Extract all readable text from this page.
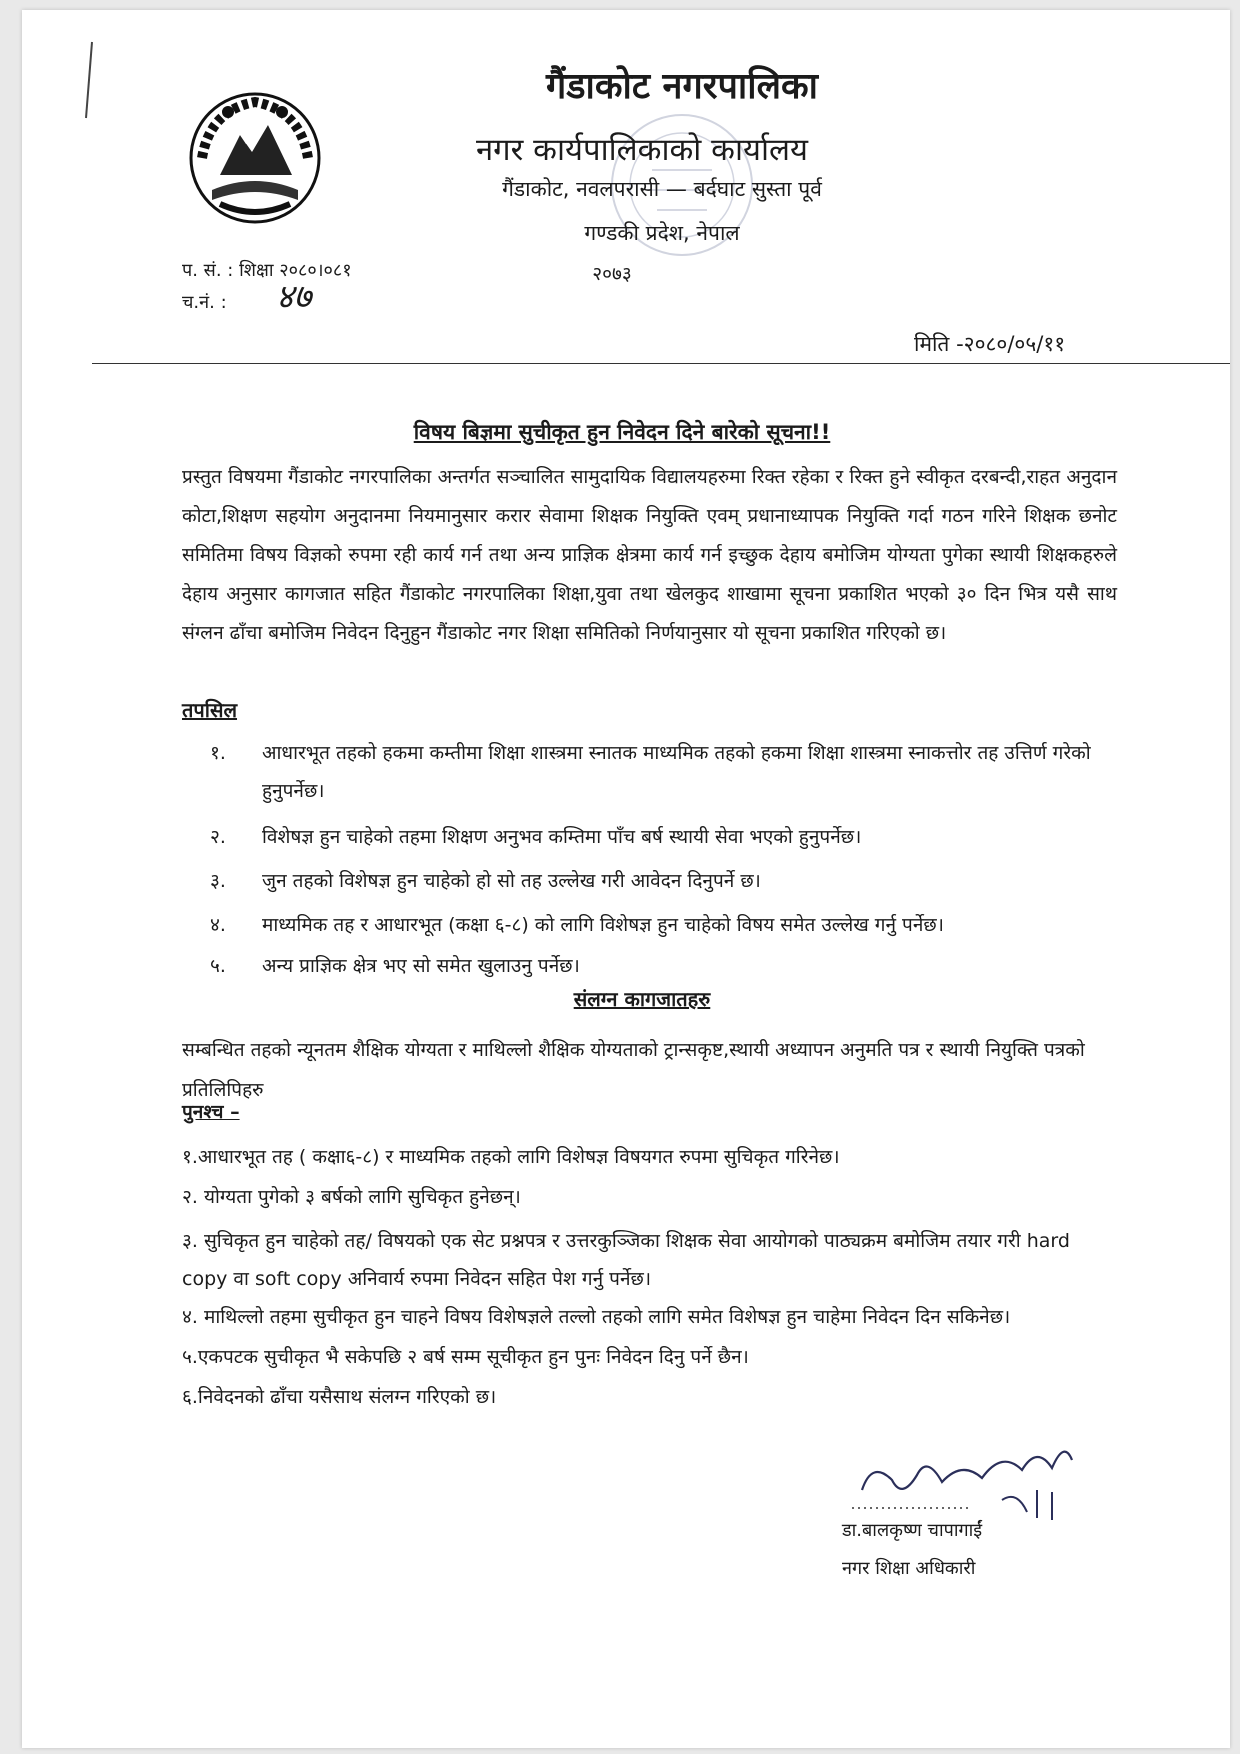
गैंडाकोट नगरपालिका
नगर कार्यपालिकाको कार्यालय
गैंडाकोट, नवलपरासी — बर्दघाट सुस्ता पूर्व
गण्डकी प्रदेश, नेपाल
२०७३
प. सं. : शिक्षा २०८०।०८१
च.नं. : ४७
मिति -२०८०/०५/११
विषय बिज्ञमा सुचीकृत हुन निवेदन दिने बारेको सूचना!!
प्रस्तुत विषयमा गैंडाकोट नगरपालिका अन्तर्गत सञ्चालित सामुदायिक विद्यालयहरुमा रिक्त रहेका र रिक्त हुने स्वीकृत दरबन्दी,राहत अनुदान कोटा,शिक्षण सहयोग अनुदानमा नियमानुसार करार सेवामा शिक्षक नियुक्ति एवम् प्रधानाध्यापक नियुक्ति गर्दा गठन गरिने शिक्षक छनोट समितिमा विषय विज्ञको रुपमा रही कार्य गर्न तथा अन्य प्राज्ञिक क्षेत्रमा कार्य गर्न इच्छुक देहाय बमोजिम योग्यता पुगेका स्थायी शिक्षकहरुले देहाय अनुसार कागजात सहित गैंडाकोट नगरपालिका शिक्षा,युवा तथा खेलकुद शाखामा सूचना प्रकाशित भएको ३० दिन भित्र यसै साथ संग्लन ढाँचा बमोजिम निवेदन दिनुहुन गैंडाकोट नगर शिक्षा समितिको निर्णयानुसार यो सूचना प्रकाशित गरिएको छ।
तपसिल
१.	आधारभूत तहको हकमा कम्तीमा शिक्षा शास्त्रमा स्नातक माध्यमिक तहको हकमा शिक्षा शास्त्रमा स्नाकत्तोर तह उत्तिर्ण गरेको हुनुपर्नेछ।
२.	विशेषज्ञ हुन चाहेको तहमा शिक्षण अनुभव कम्तिमा पाँच बर्ष स्थायी सेवा भएको हुनुपर्नेछ।
३.	जुन तहको विशेषज्ञ हुन चाहेको हो सो तह उल्लेख गरी आवेदन दिनुपर्ने छ।
४.	माध्यमिक तह र आधारभूत (कक्षा ६-८) को लागि विशेषज्ञ हुन चाहेको विषय समेत उल्लेख गर्नु पर्नेछ।
५.	अन्य प्राज्ञिक क्षेत्र भए सो समेत खुलाउनु पर्नेछ।
संलग्न कागजातहरु
सम्बन्धित तहको न्यूनतम शैक्षिक योग्यता र माथिल्लो शैक्षिक योग्यताको ट्रान्सकृष्ट,स्थायी अध्यापन अनुमति पत्र र स्थायी नियुक्ति पत्रको प्रतिलिपिहरु
पुनश्च –
१.आधारभूत तह ( कक्षा६-८) र माध्यमिक तहको लागि विशेषज्ञ विषयगत रुपमा सुचिकृत गरिनेछ।
२. योग्यता पुगेको ३ बर्षको लागि सुचिकृत हुनेछन्।
३. सुचिकृत हुन चाहेको तह/ विषयको एक सेट प्रश्नपत्र र उत्तरकुञ्जिका शिक्षक सेवा आयोगको पाठ्यक्रम बमोजिम तयार गरी hard copy वा soft copy अनिवार्य रुपमा निवेदन सहित पेश गर्नु पर्नेछ।
४. माथिल्लो तहमा सुचीकृत हुन चाहने विषय विशेषज्ञले तल्लो तहको लागि समेत विशेषज्ञ हुन चाहेमा निवेदन दिन सकिनेछ।
५.एकपटक सुचीकृत भै सकेपछि २ बर्ष सम्म सूचीकृत हुन पुनः निवेदन दिनु पर्ने छैन।
६.निवेदनको ढाँचा यसैसाथ संलग्न गरिएको छ।
डा.बालकृष्ण चापागाईं
नगर शिक्षा अधिकारी
